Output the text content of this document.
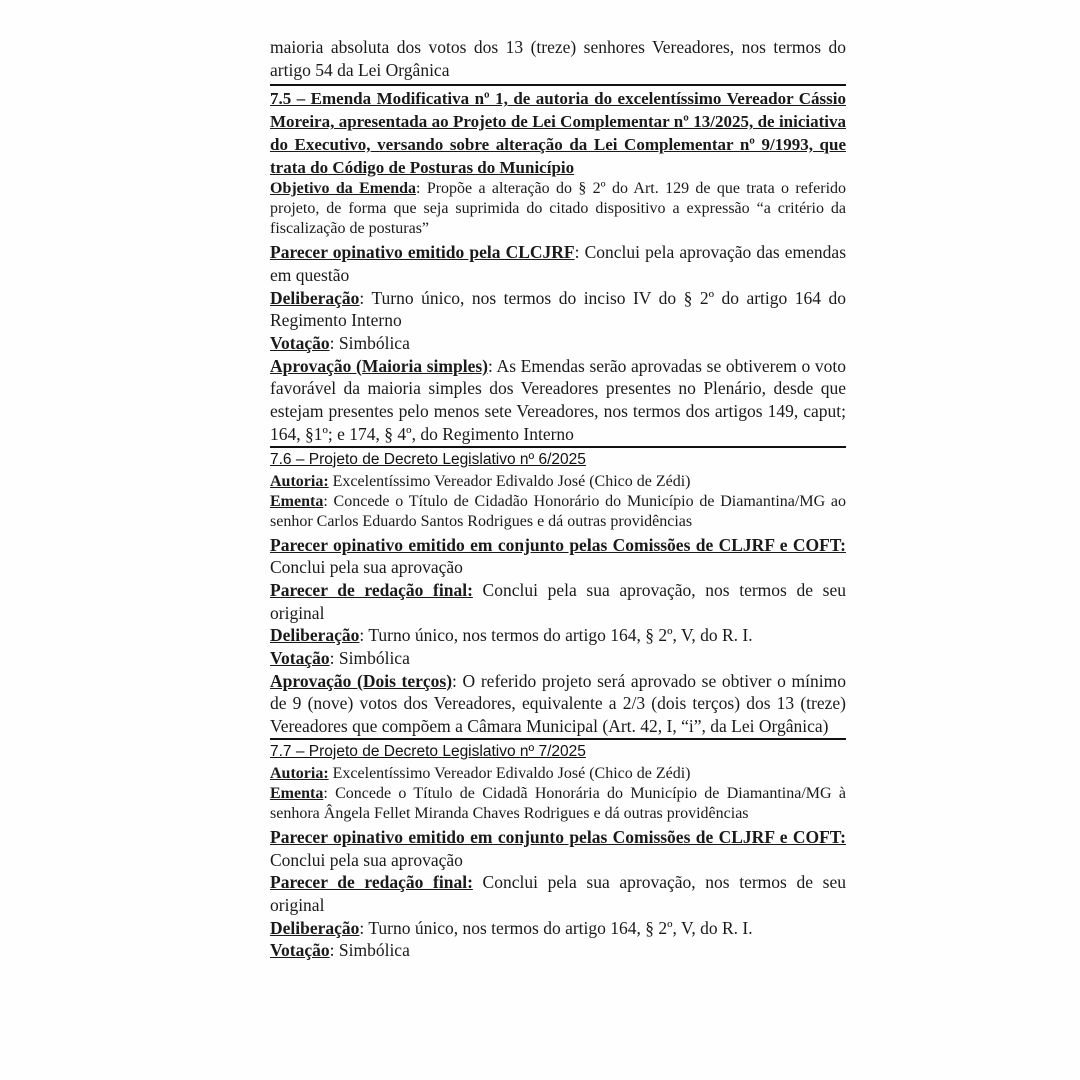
maioria absoluta dos votos dos 13 (treze) senhores Vereadores, nos termos do artigo 54 da Lei Orgânica

7.5 – Emenda Modificativa nº 1, de autoria do excelentíssimo Vereador Cássio Moreira, apresentada ao Projeto de Lei Complementar nº 13/2025, de iniciativa do Executivo, versando sobre alteração da Lei Complementar nº 9/1993, que trata do Código de Posturas do Município

Objetivo da Emenda: Propõe a alteração do § 2º do Art. 129 de que trata o referido projeto, de forma que seja suprimida do citado dispositivo a expressão “a critério da fiscalização de posturas”

Parecer opinativo emitido pela CLCJRF: Conclui pela aprovação das emendas em questão

Deliberação: Turno único, nos termos do inciso IV do § 2º do artigo 164 do Regimento Interno

Votação: Simbólica

Aprovação (Maioria simples): As Emendas serão aprovadas se obtiverem o voto favorável da maioria simples dos Vereadores presentes no Plenário, desde que estejam presentes pelo menos sete Vereadores, nos termos dos artigos 149, caput; 164, §1º; e 174, § 4º, do Regimento Interno

7.6 – Projeto de Decreto Legislativo nº 6/2025

Autoria: Excelentíssimo Vereador Edivaldo José (Chico de Zédi)

Ementa: Concede o Título de Cidadão Honorário do Município de Diamantina/MG ao senhor Carlos Eduardo Santos Rodrigues e dá outras providências

Parecer opinativo emitido em conjunto pelas Comissões de CLJRF e COFT: Conclui pela sua aprovação

Parecer de redação final: Conclui pela sua aprovação, nos termos de seu original

Deliberação: Turno único, nos termos do artigo 164, § 2º, V, do R. I.

Votação: Simbólica

Aprovação (Dois terços): O referido projeto será aprovado se obtiver o mínimo de 9 (nove) votos dos Vereadores, equivalente a 2/3 (dois terços) dos 13 (treze) Vereadores que compõem a Câmara Municipal (Art. 42, I, “i”, da Lei Orgânica)

7.7 – Projeto de Decreto Legislativo nº 7/2025

Autoria: Excelentíssimo Vereador Edivaldo José (Chico de Zédi)

Ementa: Concede o Título de Cidadã Honorária do Município de Diamantina/MG à senhora Ângela Fellet Miranda Chaves Rodrigues e dá outras providências

Parecer opinativo emitido em conjunto pelas Comissões de CLJRF e COFT: Conclui pela sua aprovação

Parecer de redação final: Conclui pela sua aprovação, nos termos de seu original

Deliberação: Turno único, nos termos do artigo 164, § 2º, V, do R. I.

Votação: Simbólica
